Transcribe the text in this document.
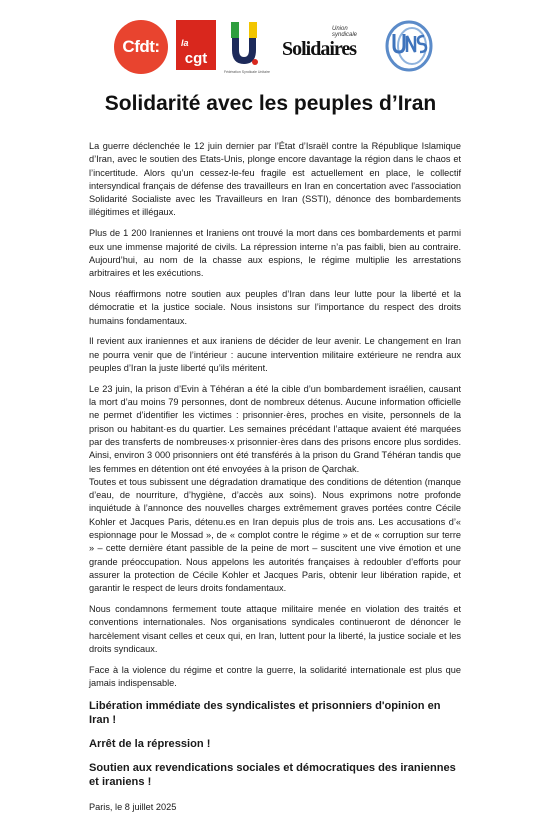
Cfdt: la
cgt
Fédération Syndicale Unitaire
Union syndicale
Solidaires
Solidarité avec les peuples d’Iran

La guerre déclenchée le 12 juin dernier par l’État d’Israël contre la République Islamique d’Iran, avec le soutien des Etats-Unis, plonge encore davantage la région dans le chaos et l’incertitude. Alors qu’un cessez-le-feu fragile est actuellement en place, le collectif intersyndical français de défense des travailleurs en Iran en concertation avec l'association Solidarité Socialiste avec les Travailleurs en Iran (SSTI), dénonce des bombardements illégitimes et illégaux.

Plus de 1 200 Iraniennes et Iraniens ont trouvé la mort dans ces bombardements et parmi eux une immense majorité de civils. La répression interne n’a pas faibli, bien au contraire. Aujourd’hui, au nom de la chasse aux espions, le régime multiplie les arrestations arbitraires et les exécutions.

Nous réaffirmons notre soutien aux peuples d’Iran dans leur lutte pour la liberté et la démocratie et la justice sociale. Nous insistons sur l’importance du respect des droits humains fondamentaux.

Il revient aux iraniennes et aux iraniens de décider de leur avenir. Le changement en Iran ne pourra venir que de l’intérieur : aucune intervention militaire extérieure ne rendra aux peuples d’Iran la juste liberté qu’ils méritent.

Le 23 juin, la prison d’Evin à Téhéran a été la cible d’un bombardement israélien, causant la mort d’au moins 79 personnes, dont de nombreux détenus. Aucune information officielle ne permet d’identifier les victimes : prisonnier·ères, proches en visite, personnels de la prison ou habitant·es du quartier. Les semaines précédant l’attaque avaient été marquées par des transferts de nombreuses·x prisonnier·ères dans des prisons encore plus sordides. Ainsi, environ 3 000 prisonniers ont été transférés à la prison du Grand Téhéran tandis que les femmes en détention ont été envoyées à la prison de Qarchak.

Toutes et tous subissent une dégradation dramatique des conditions de détention (manque d’eau, de nourriture, d’hygiène, d’accès aux soins). Nous exprimons notre profonde inquiétude à l’annonce des nouvelles charges extrêmement graves portées contre Cécile Kohler et Jacques Paris, détenu.es en Iran depuis plus de trois ans. Les accusations d’« espionnage pour le Mossad », de « complot contre le régime » et de « corruption sur terre » – cette dernière étant passible de la peine de mort – suscitent une vive émotion et une grande préoccupation. Nous appelons les autorités françaises à redoubler d’efforts pour assurer la protection de Cécile Kohler et Jacques Paris, obtenir leur libération rapide, et garantir le respect de leurs droits fondamentaux.

Nous condamnons fermement toute attaque militaire menée en violation des traités et conventions internationales. Nos organisations syndicales continueront de dénoncer le harcèlement visant celles et ceux qui, en Iran, luttent pour la liberté, la justice sociale et les droits syndicaux.

Face à la violence du régime et contre la guerre, la solidarité internationale est plus que jamais indispensable.

Libération immédiate des syndicalistes et prisonniers d'opinion en Iran !

Arrêt de la répression !

Soutien aux revendications sociales et démocratiques des iraniennes et iraniens !

Paris, le 8 juillet 2025
